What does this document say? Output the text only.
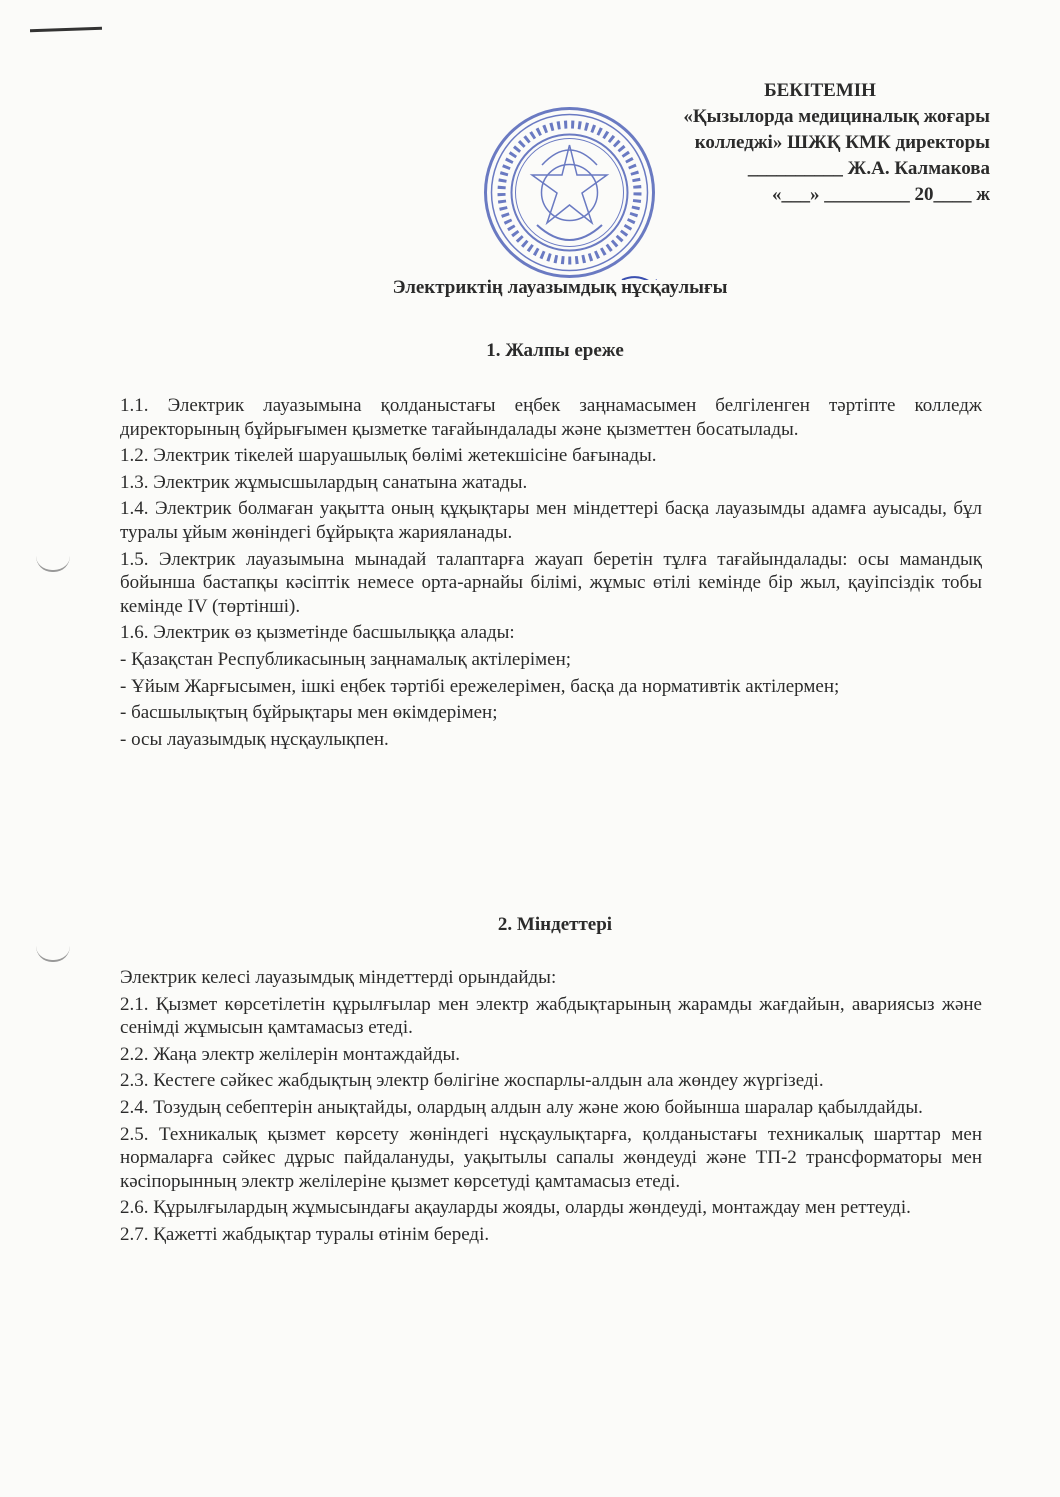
БЕКІТЕМІН
«Қызылорда медициналық жоғары
колледжі» ШЖҚ КМК директоры
__________ Ж.А. Калмакова
«___» _________ 20____ ж
Электриктің лауазымдық нұсқаулығы
1. Жалпы ереже

1.1. Электрик лауазымына қолданыстағы еңбек заңнамасымен белгіленген тәртіпте колледж директорының бұйрығымен қызметке тағайындалады және қызметтен босатылады.

1.2. Электрик тікелей шаруашылық бөлімі жетекшісіне бағынады.

1.3. Электрик жұмысшылардың санатына жатады.

1.4. Электрик болмаған уақытта оның құқықтары мен міндеттері басқа лауазымды адамға ауысады, бұл туралы ұйым жөніндегі бұйрықта жарияланады.

1.5. Электрик лауазымына мынадай талаптарға жауап беретін тұлға тағайындалады: осы мамандық бойынша бастапқы кәсіптік немесе орта-арнайы білімі, жұмыс өтілі кемінде бір жыл, қауіпсіздік тобы кемінде IV (төртінші).

1.6. Электрик өз қызметінде басшылыққа алады:

- Қазақстан Республикасының заңнамалық актілерімен;

- Ұйым Жарғысымен, ішкі еңбек тәртібі ережелерімен, басқа да нормативтік актілермен;

- басшылықтың бұйрықтары мен өкімдерімен;

- осы лауазымдық нұсқаулықпен.

2. Міндеттері

Электрик келесі лауазымдық міндеттерді орындайды:

2.1. Қызмет көрсетілетін құрылғылар мен электр жабдықтарының жарамды жағдайын, авариясыз және сенімді жұмысын қамтамасыз етеді.

2.2. Жаңа электр желілерін монтаждайды.

2.3. Кестеге сәйкес жабдықтың электр бөлігіне жоспарлы-алдын ала жөндеу жүргізеді.

2.4. Тозудың себептерін анықтайды, олардың алдын алу және жою бойынша шаралар қабылдайды.

2.5. Техникалық қызмет көрсету жөніндегі нұсқаулықтарға, қолданыстағы техникалық шарттар мен нормаларға сәйкес дұрыс пайдалануды, уақытылы сапалы жөндеуді және ТП-2 трансформаторы мен кәсіпорынның электр желілеріне қызмет көрсетуді қамтамасыз етеді.

2.6. Құрылғылардың жұмысындағы ақауларды жояды, оларды жөндеуді, монтаждау мен реттеуді.

2.7. Қажетті жабдықтар туралы өтінім береді.
